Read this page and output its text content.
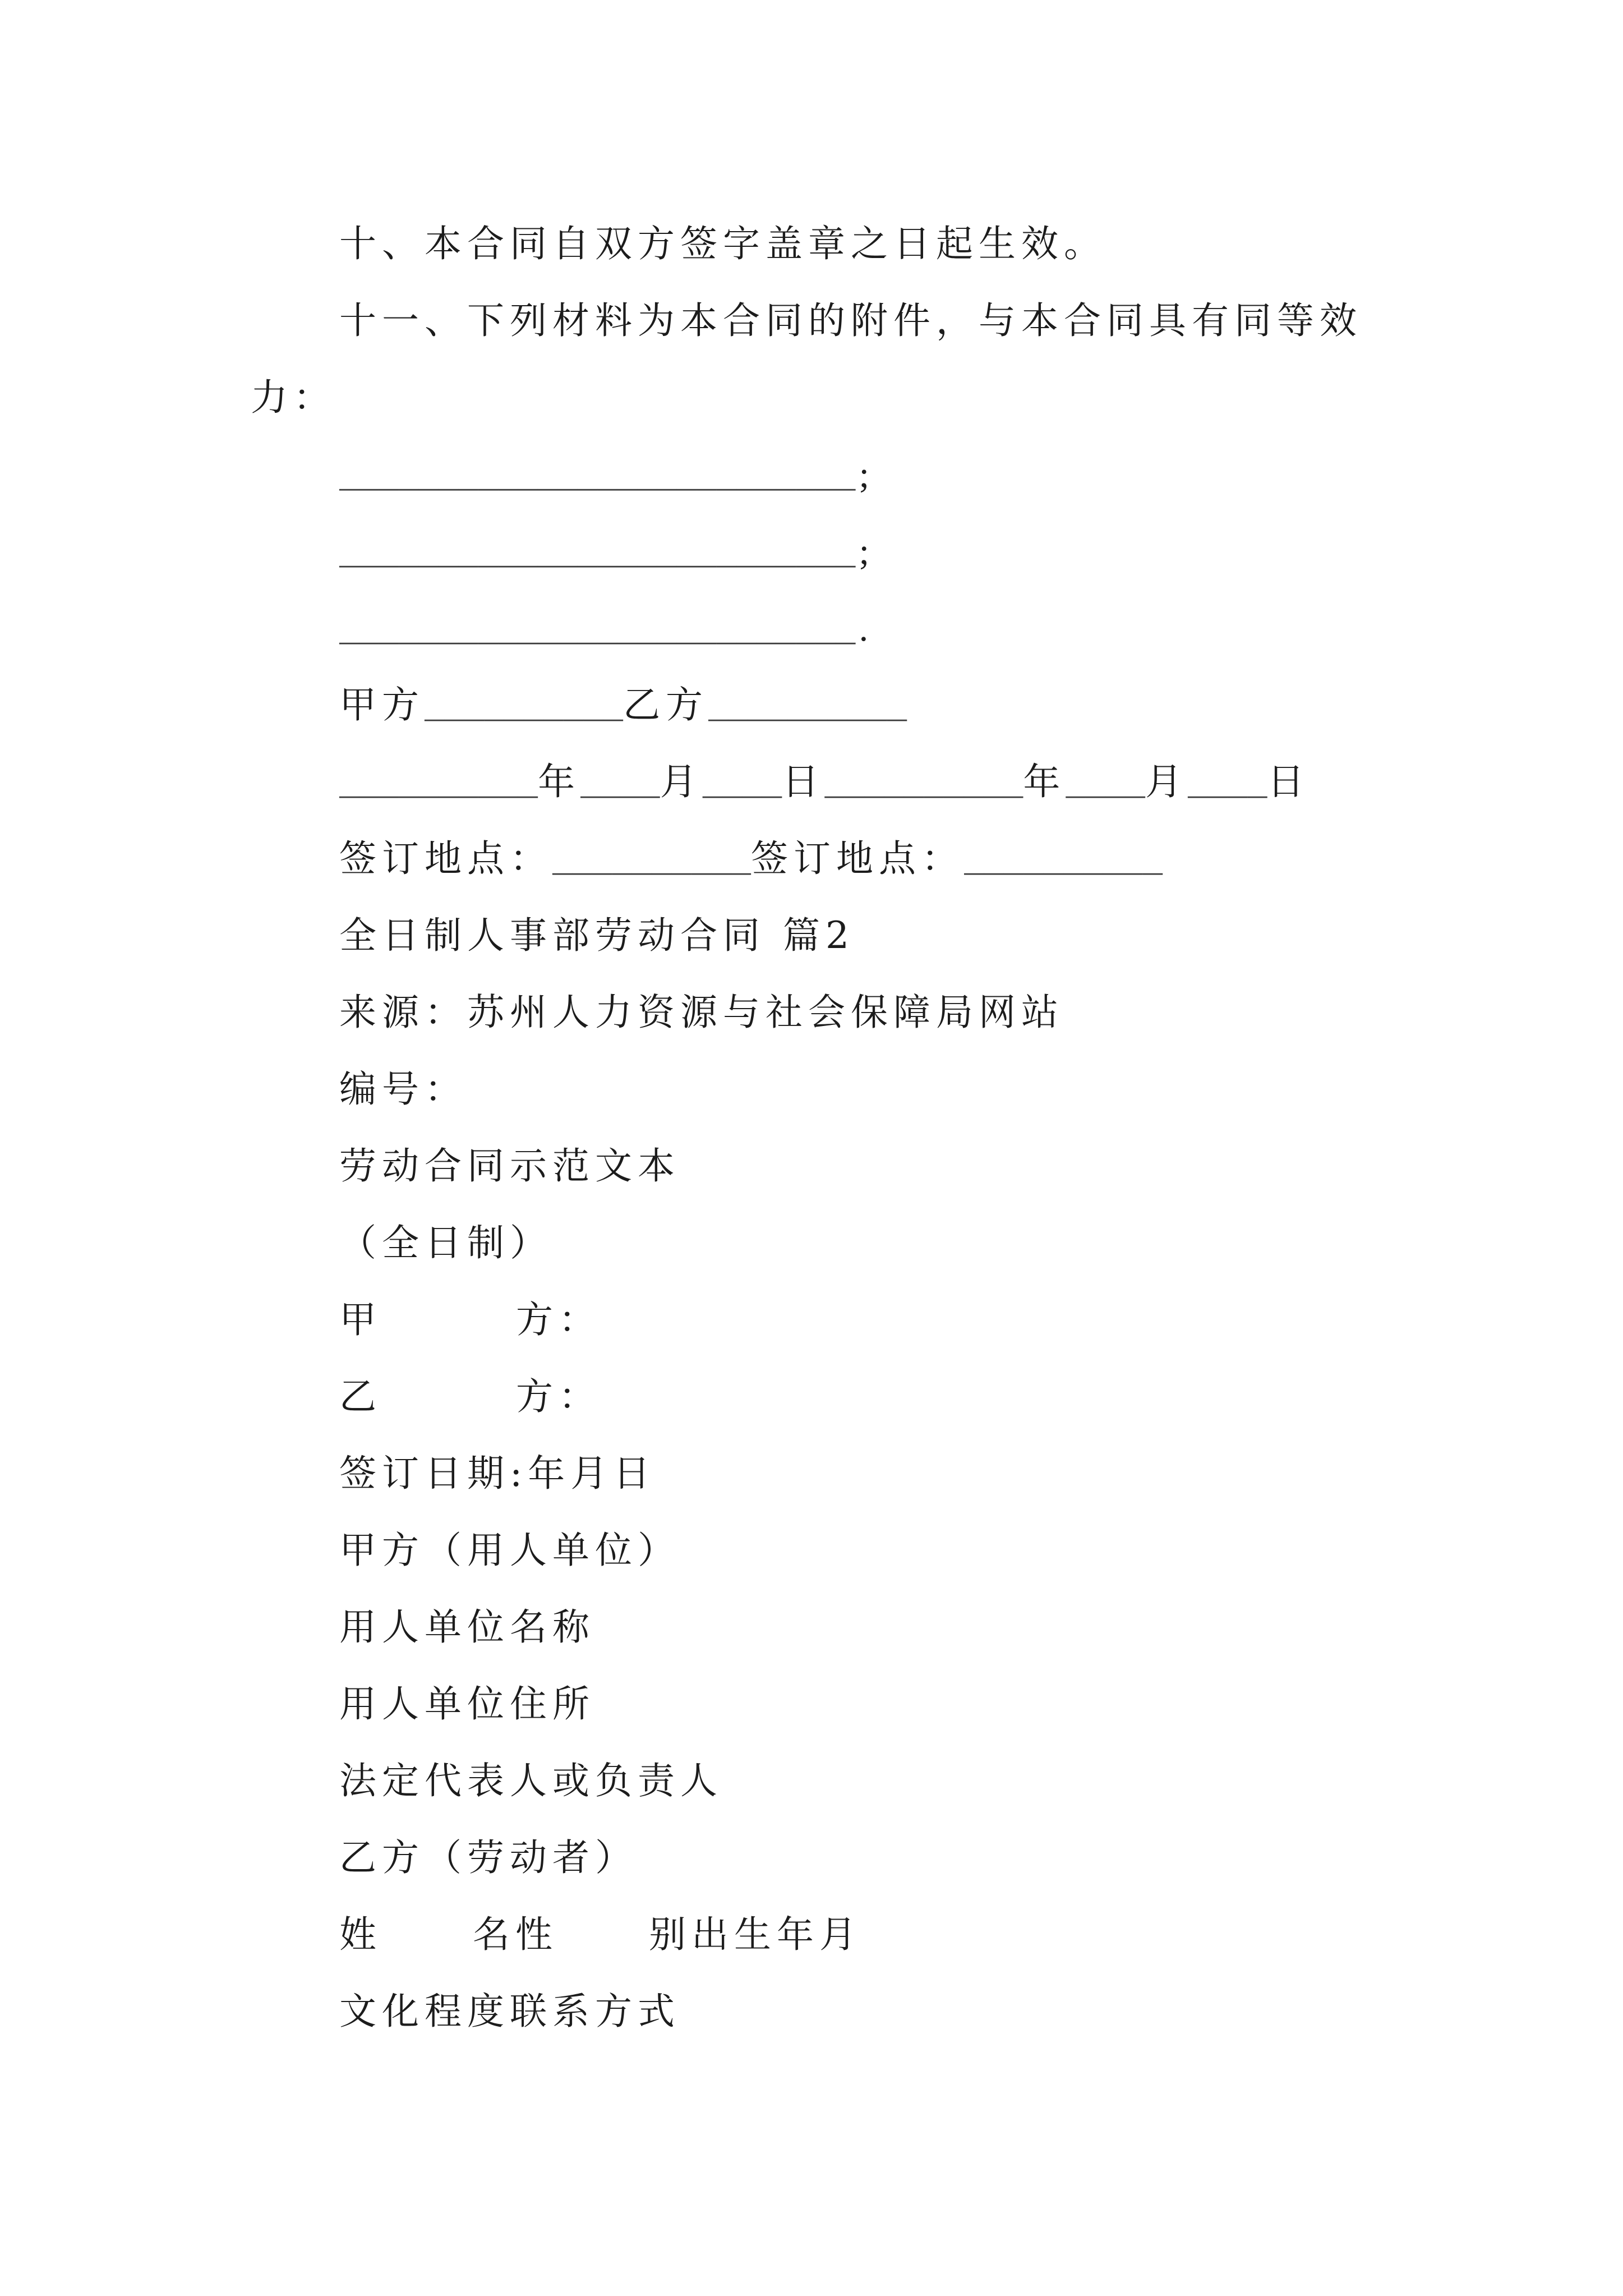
十、本合同自双方签字盖章之日起生效。
十一、下列材料为本合同的附件，与本合同具有同等效
力：
__________________________;
__________________________;
__________________________.
甲方__________乙方__________
__________年____月____日__________年____月____日
签订地点：__________签订地点：__________
全日制人事部劳动合同 篇2
来源：苏州人力资源与社会保障局网站
编号：
劳动合同示范文本
（全日制）
甲	方：
乙	方：
签订日期:年月日
甲方（用人单位）
用人单位名称
用人单位住所
法定代表人或负责人
乙方（劳动者）
姓 名性 别出生年月
文化程度联系方式
